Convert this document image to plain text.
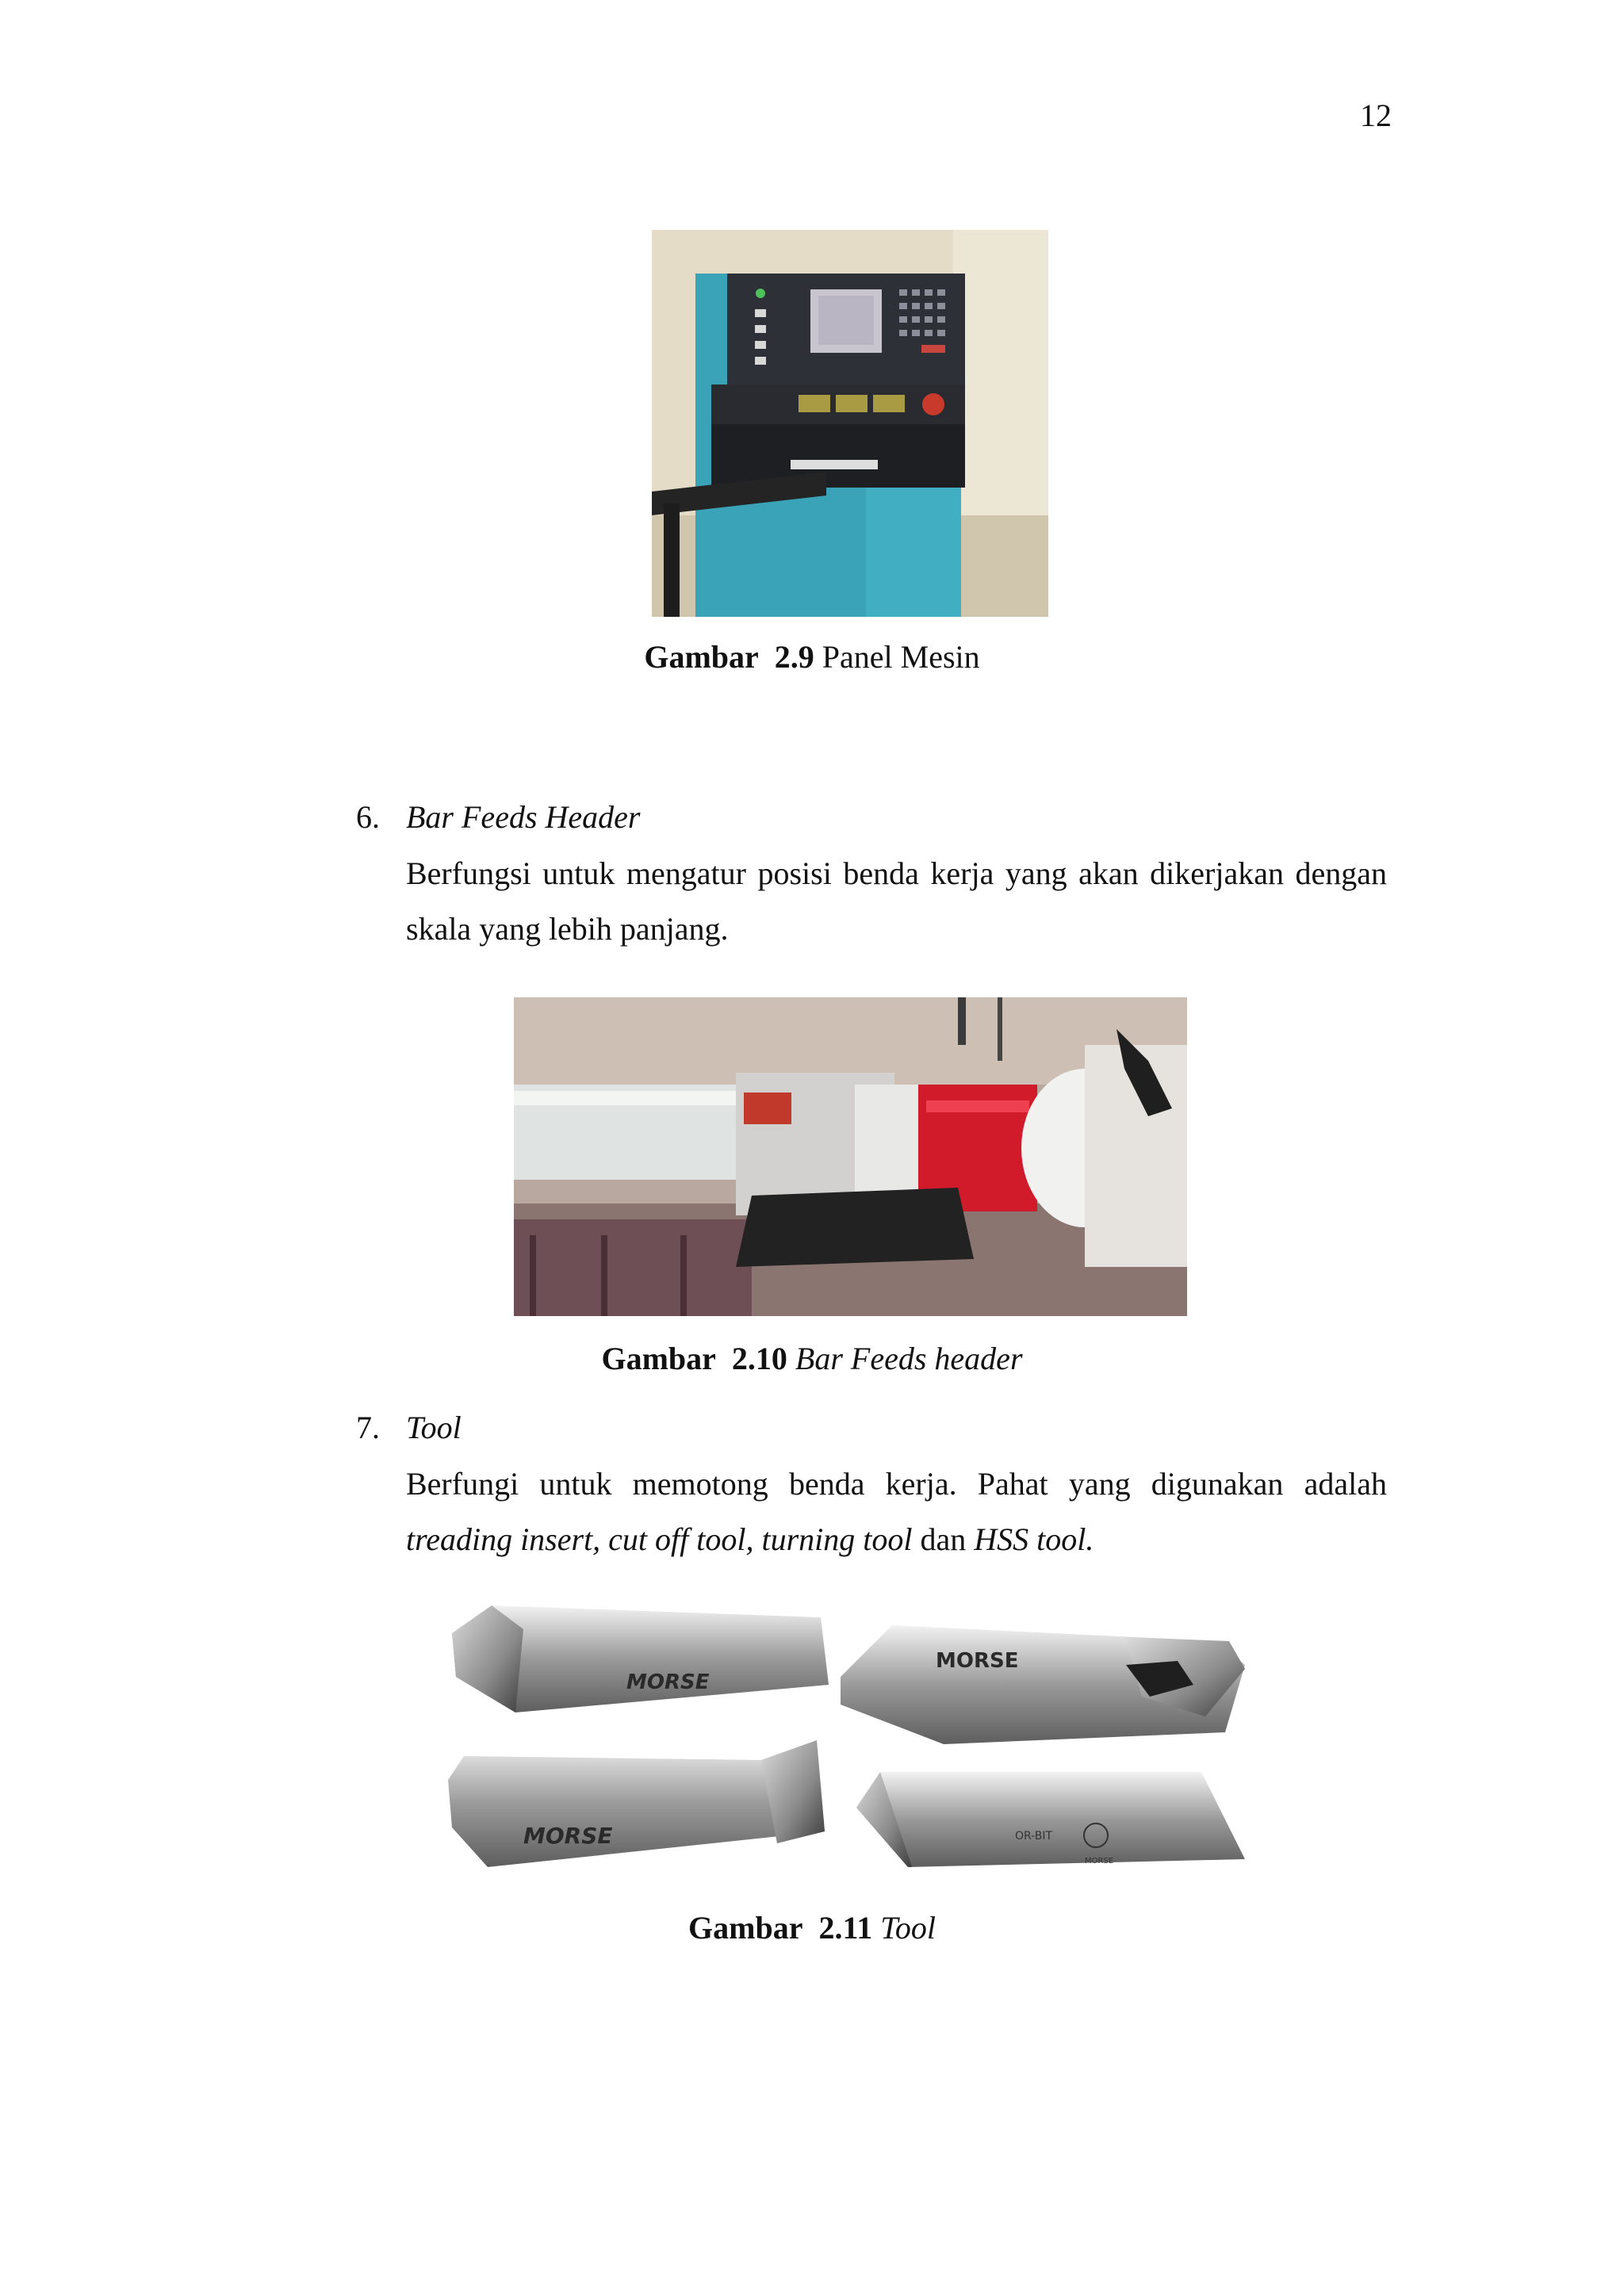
12
Gambar 2.9 Panel Mesin
6. Bar Feeds Header
Berfungsi untuk mengatur posisi benda kerja yang akan dikerjakan dengan
skala yang lebih panjang.
Gambar 2.10 Bar Feeds header
7. Tool
Berfungi untuk memotong benda kerja. Pahat yang digunakan adalah
treading insert, cut off tool, turning tool dan HSS tool.
MORSE
MORSE
MORSE	OR-BIT
MORSE
Gambar 2.11 Tool
